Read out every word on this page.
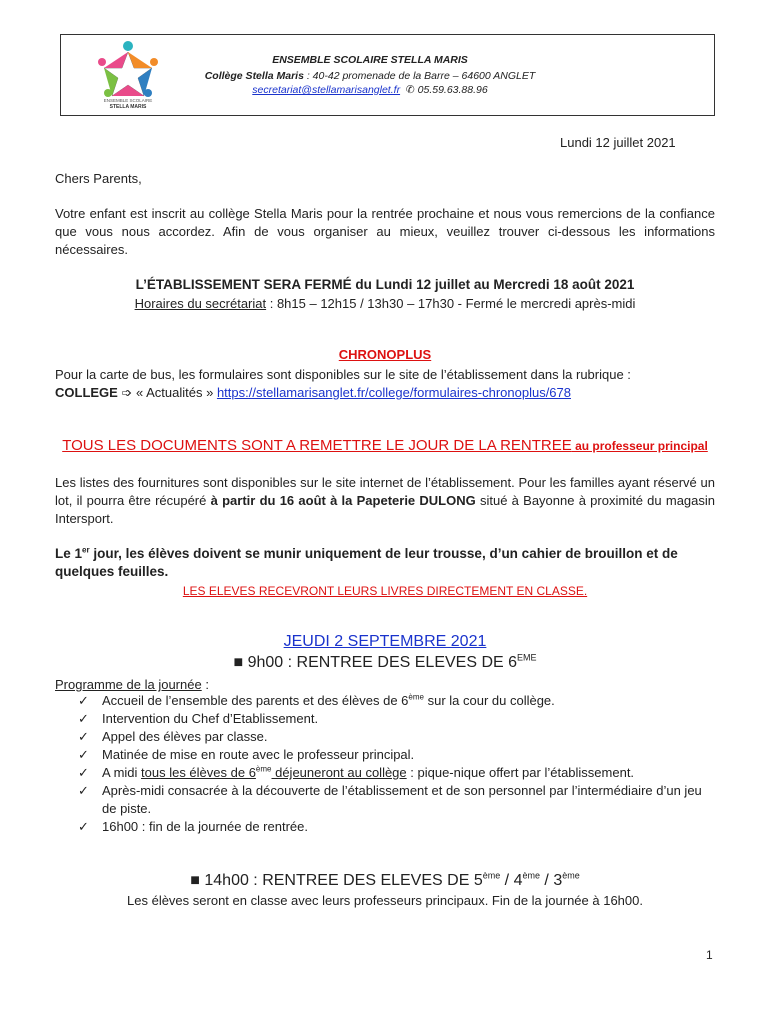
ENSEMBLE SCOLAIRE
STELLA MARIS
ENSEMBLE SCOLAIRE STELLA MARIS
Collège Stella Maris : 40-42 promenade de la Barre – 64600 ANGLET
secretariat@stellamarisanglet.fr ✆ 05.59.63.88.96
Lundi 12 juillet 2021
Chers Parents,
Votre enfant est inscrit au collège Stella Maris pour la rentrée prochaine et nous vous remercions de la confiance que vous nous accordez. Afin de vous organiser au mieux, veuillez trouver ci-dessous les informations nécessaires.
L’ÉTABLISSEMENT SERA FERMÉ du Lundi 12 juillet au Mercredi 18 août 2021
Horaires du secrétariat : 8h15 – 12h15 / 13h30 – 17h30 - Fermé le mercredi après-midi
CHRONOPLUS
Pour la carte de bus, les formulaires sont disponibles sur le site de l’établissement dans la rubrique :
COLLEGE ➩ « Actualités » https://stellamarisanglet.fr/college/formulaires-chronoplus/678
TOUS LES DOCUMENTS SONT A REMETTRE LE JOUR DE LA RENTREE au professeur principal
Les listes des fournitures sont disponibles sur le site internet de l’établissement. Pour les familles ayant réservé un lot, il pourra être récupéré à partir du 16 août à la Papeterie DULONG situé à Bayonne à proximité du magasin Intersport.
Le 1er jour, les élèves doivent se munir uniquement de leur trousse, d’un cahier de brouillon et de quelques feuilles.
LES ELEVES RECEVRONT LEURS LIVRES DIRECTEMENT EN CLASSE.
JEUDI 2 SEPTEMBRE 2021
■ 9h00 : RENTREE DES ELEVES DE 6EME
Programme de la journée :
✓ Accueil de l’ensemble des parents et des élèves de 6ème sur la cour du collège.
✓ Intervention du Chef d’Etablissement.
✓ Appel des élèves par classe.
✓ Matinée de mise en route avec le professeur principal.
✓ A midi tous les élèves de 6ème déjeuneront au collège : pique-nique offert par l’établissement.
✓ Après-midi consacrée à la découverte de l’établissement et de son personnel par l’intermédiaire d’un jeu de piste.
✓ 16h00 : fin de la journée de rentrée.
■ 14h00 : RENTREE DES ELEVES DE 5ème / 4ème / 3ème
Les élèves seront en classe avec leurs professeurs principaux. Fin de la journée à 16h00.
1
